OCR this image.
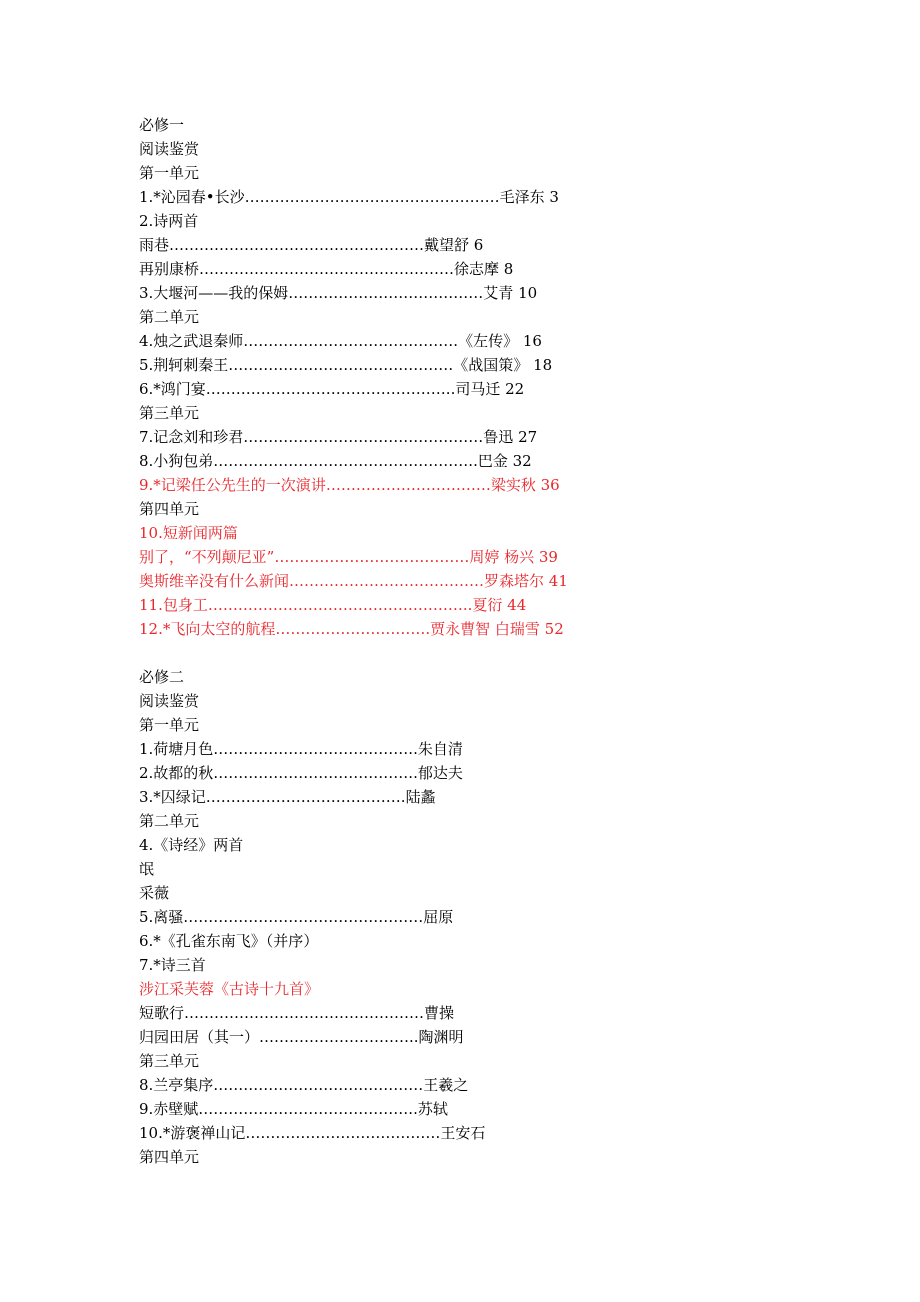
必修一
阅读鉴赏
第一单元
1.*沁园春•长沙……………………………………………毛泽东 3
2.诗两首
雨巷……………………………………………戴望舒 6
再别康桥……………………………………………徐志摩 8
3.大堰河——我的保姆…………………………………艾青 10
第二单元
4.烛之武退秦师…………………………………….《左传》 16
5.荆轲刺秦王………………………………………《战国策》 18
6.*鸿门宴…………………………………………..司马迁 22
第三单元
7.记念刘和珍君…………………………………………鲁迅 27
8.小狗包弟……………………………………………..巴金 32
9.*记梁任公先生的一次演讲……………………………梁实秋 36
第四单元
10.短新闻两篇
别了，“不列颠尼亚”…………………………………周婷 杨兴 39
奥斯维辛没有什么新闻…………………………………罗森塔尔 41
11.包身工……………………………………………..夏衍 44
12.*飞向太空的航程………………………….贾永曹智 白瑞雪 52
必修二
阅读鉴赏
第一单元
1.荷塘月色…………………………………..朱自清
2.故都的秋…………………………………..郁达夫
3.*囚绿记………………………………….陆蠡
第二单元
4.《诗经》两首
氓
采薇
5.离骚…………………………………………屈原
6.*《孔雀东南飞》（并序）
7.*诗三首
涉江采芙蓉《古诗十九首》
短歌行…………………………………………曹操
归园田居（其一）…………………………..陶渊明
第三单元
8.兰亭集序……………………………………王羲之
9.赤壁赋……………………………………..苏轼
10.*游褒禅山记…………………………………王安石
第四单元
